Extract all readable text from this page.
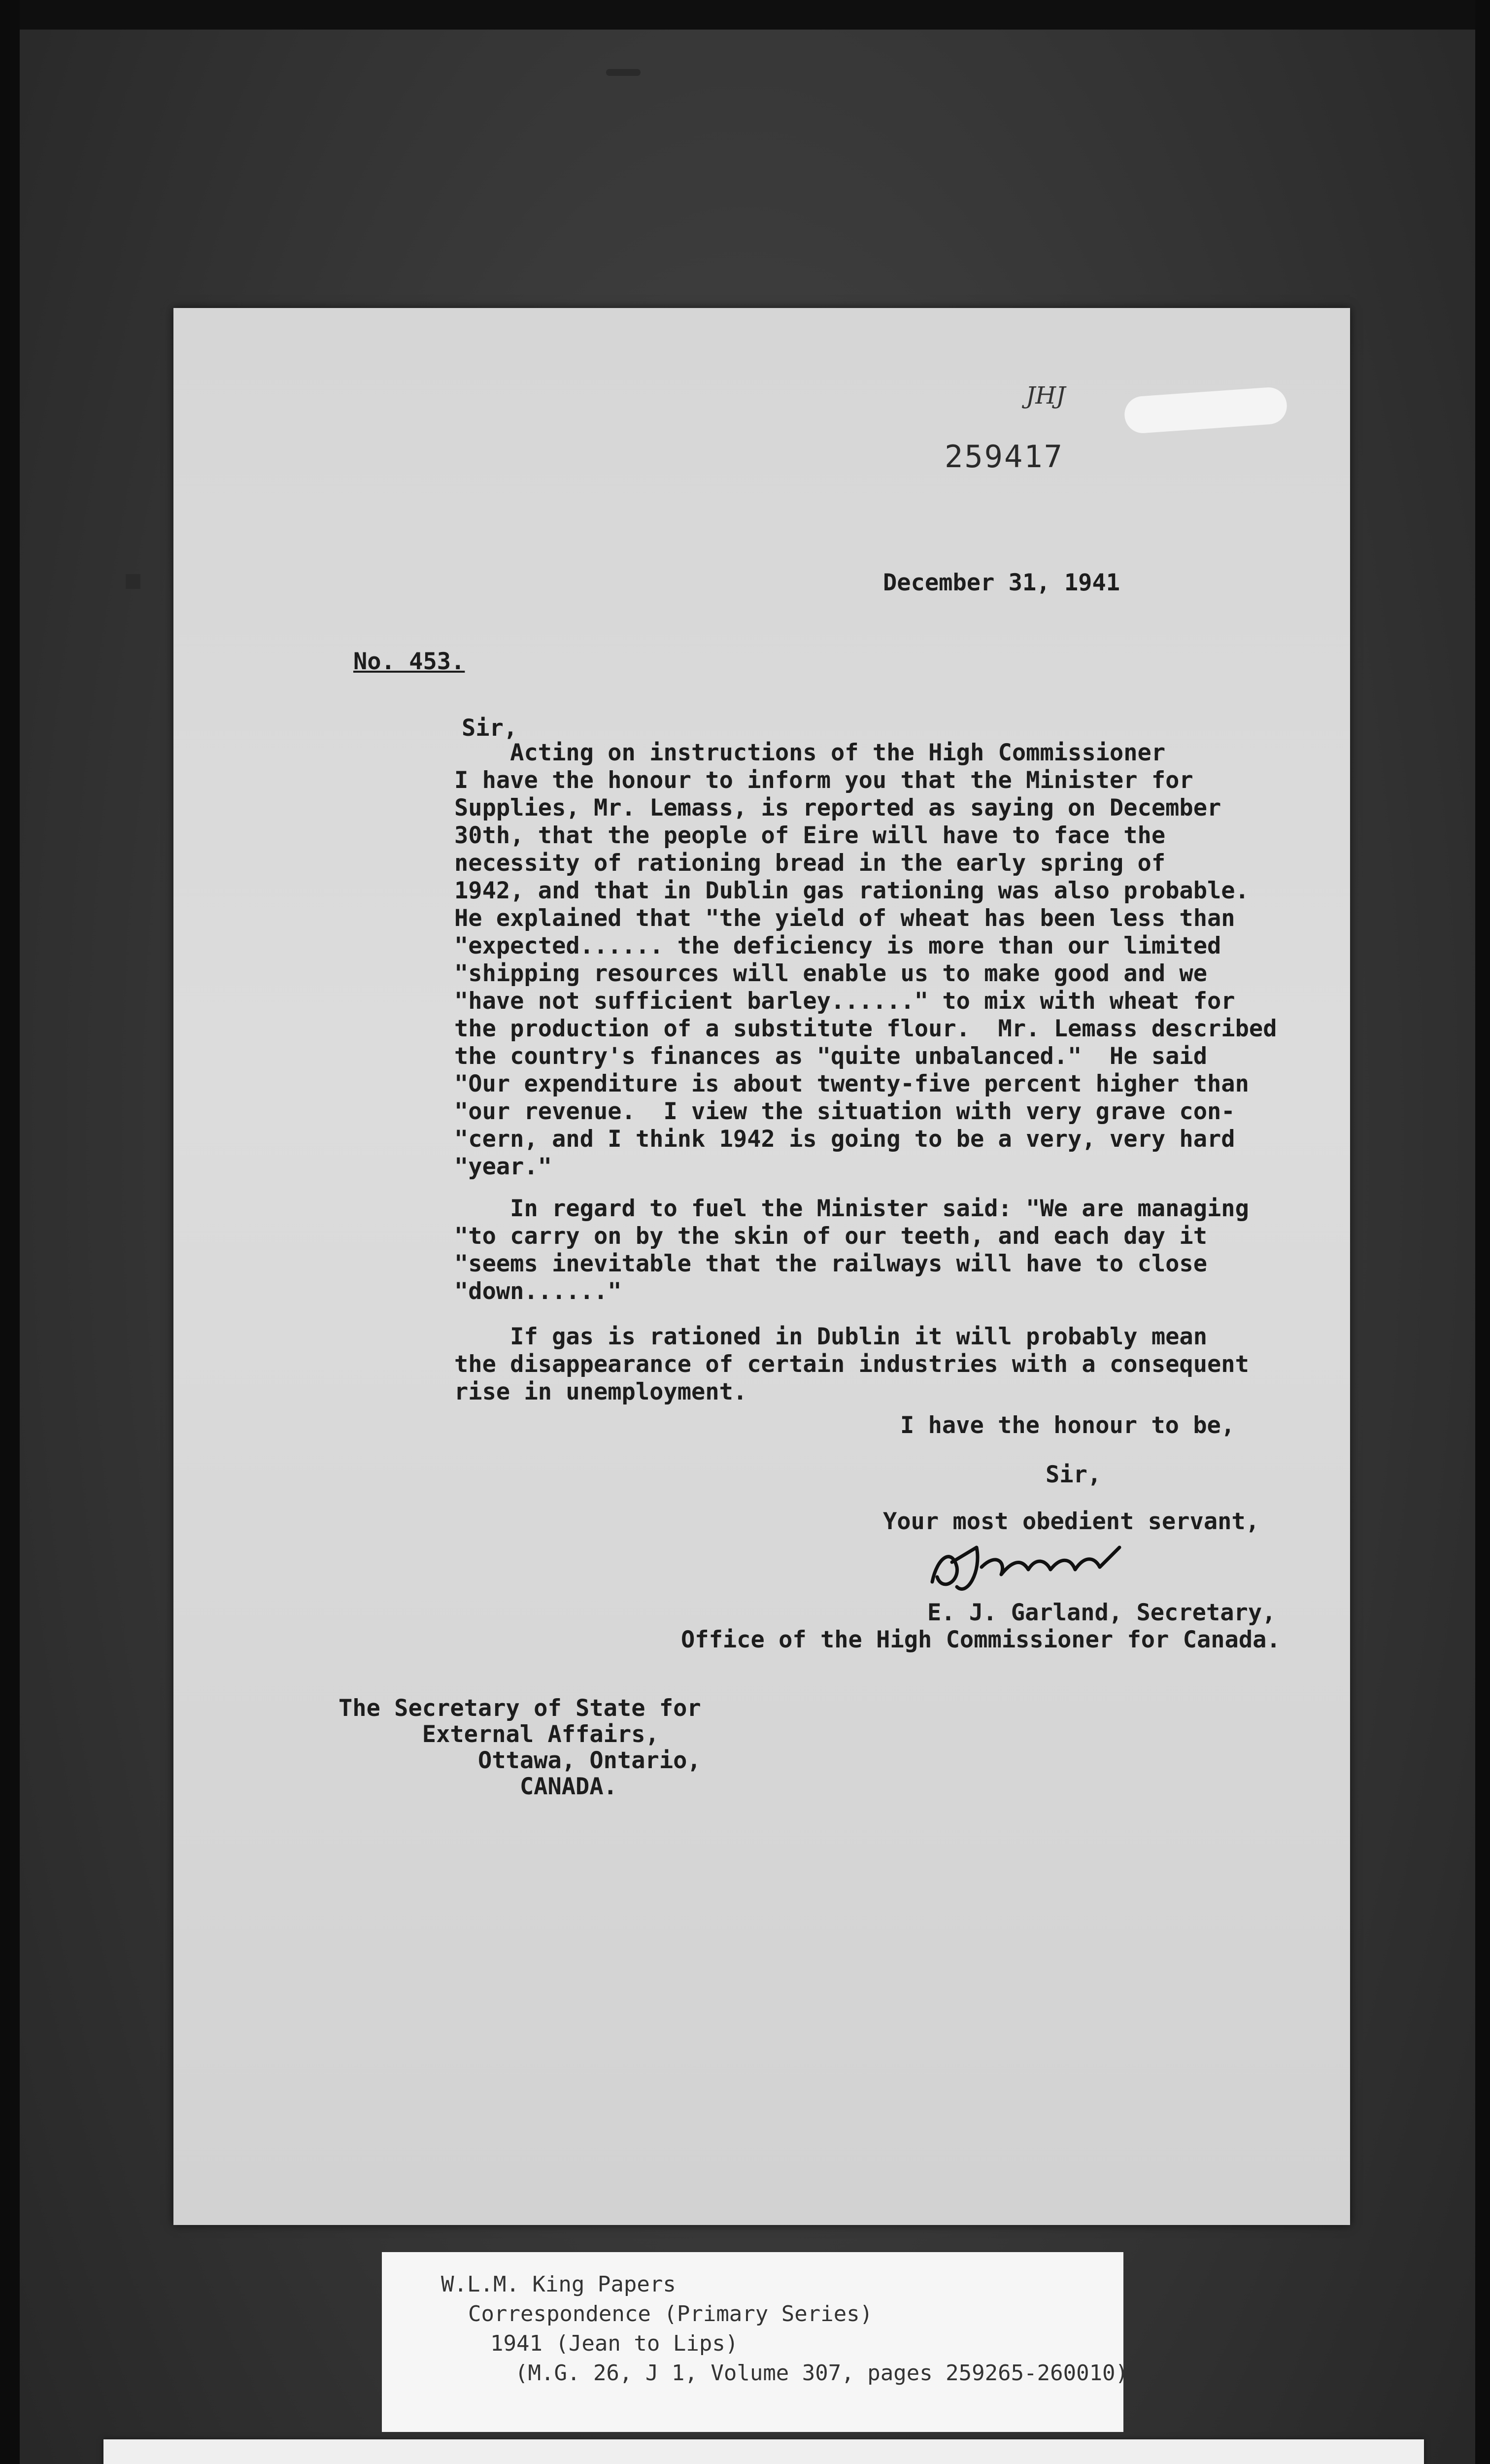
JHJ
259417
December 31, 1941
No. 453.
Sir,
Acting on instructions of the High Commissioner
I have the honour to inform you that the Minister for
Supplies, Mr. Lemass, is reported as saying on December
30th, that the people of Eire will have to face the
necessity of rationing bread in the early spring of
1942, and that in Dublin gas rationing was also probable.
He explained that "the yield of wheat has been less than
"expected...... the deficiency is more than our limited
"shipping resources will enable us to make good and we
"have not sufficient barley......" to mix with wheat for
the production of a substitute flour.  Mr. Lemass described
the country's finances as "quite unbalanced."  He said
"Our expenditure is about twenty-five percent higher than
"our revenue.  I view the situation with very grave con-
"cern, and I think 1942 is going to be a very, very hard
"year."
In regard to fuel the Minister said: "We are managing
"to carry on by the skin of our teeth, and each day it
"seems inevitable that the railways will have to close
"down......"
If gas is rationed in Dublin it will probably mean
the disappearance of certain industries with a consequent
rise in unemployment.
I have the honour to be,
Sir,
Your most obedient servant,
E. J. Garland, Secretary,
Office of the High Commissioner for Canada.
The Secretary of State for
External Affairs,
Ottawa, Ontario,
CANADA.
W.L.M. King Papers
Correspondence (Primary Series)
1941 (Jean to Lips)
(M.G. 26, J 1, Volume 307, pages 259265-260010)
